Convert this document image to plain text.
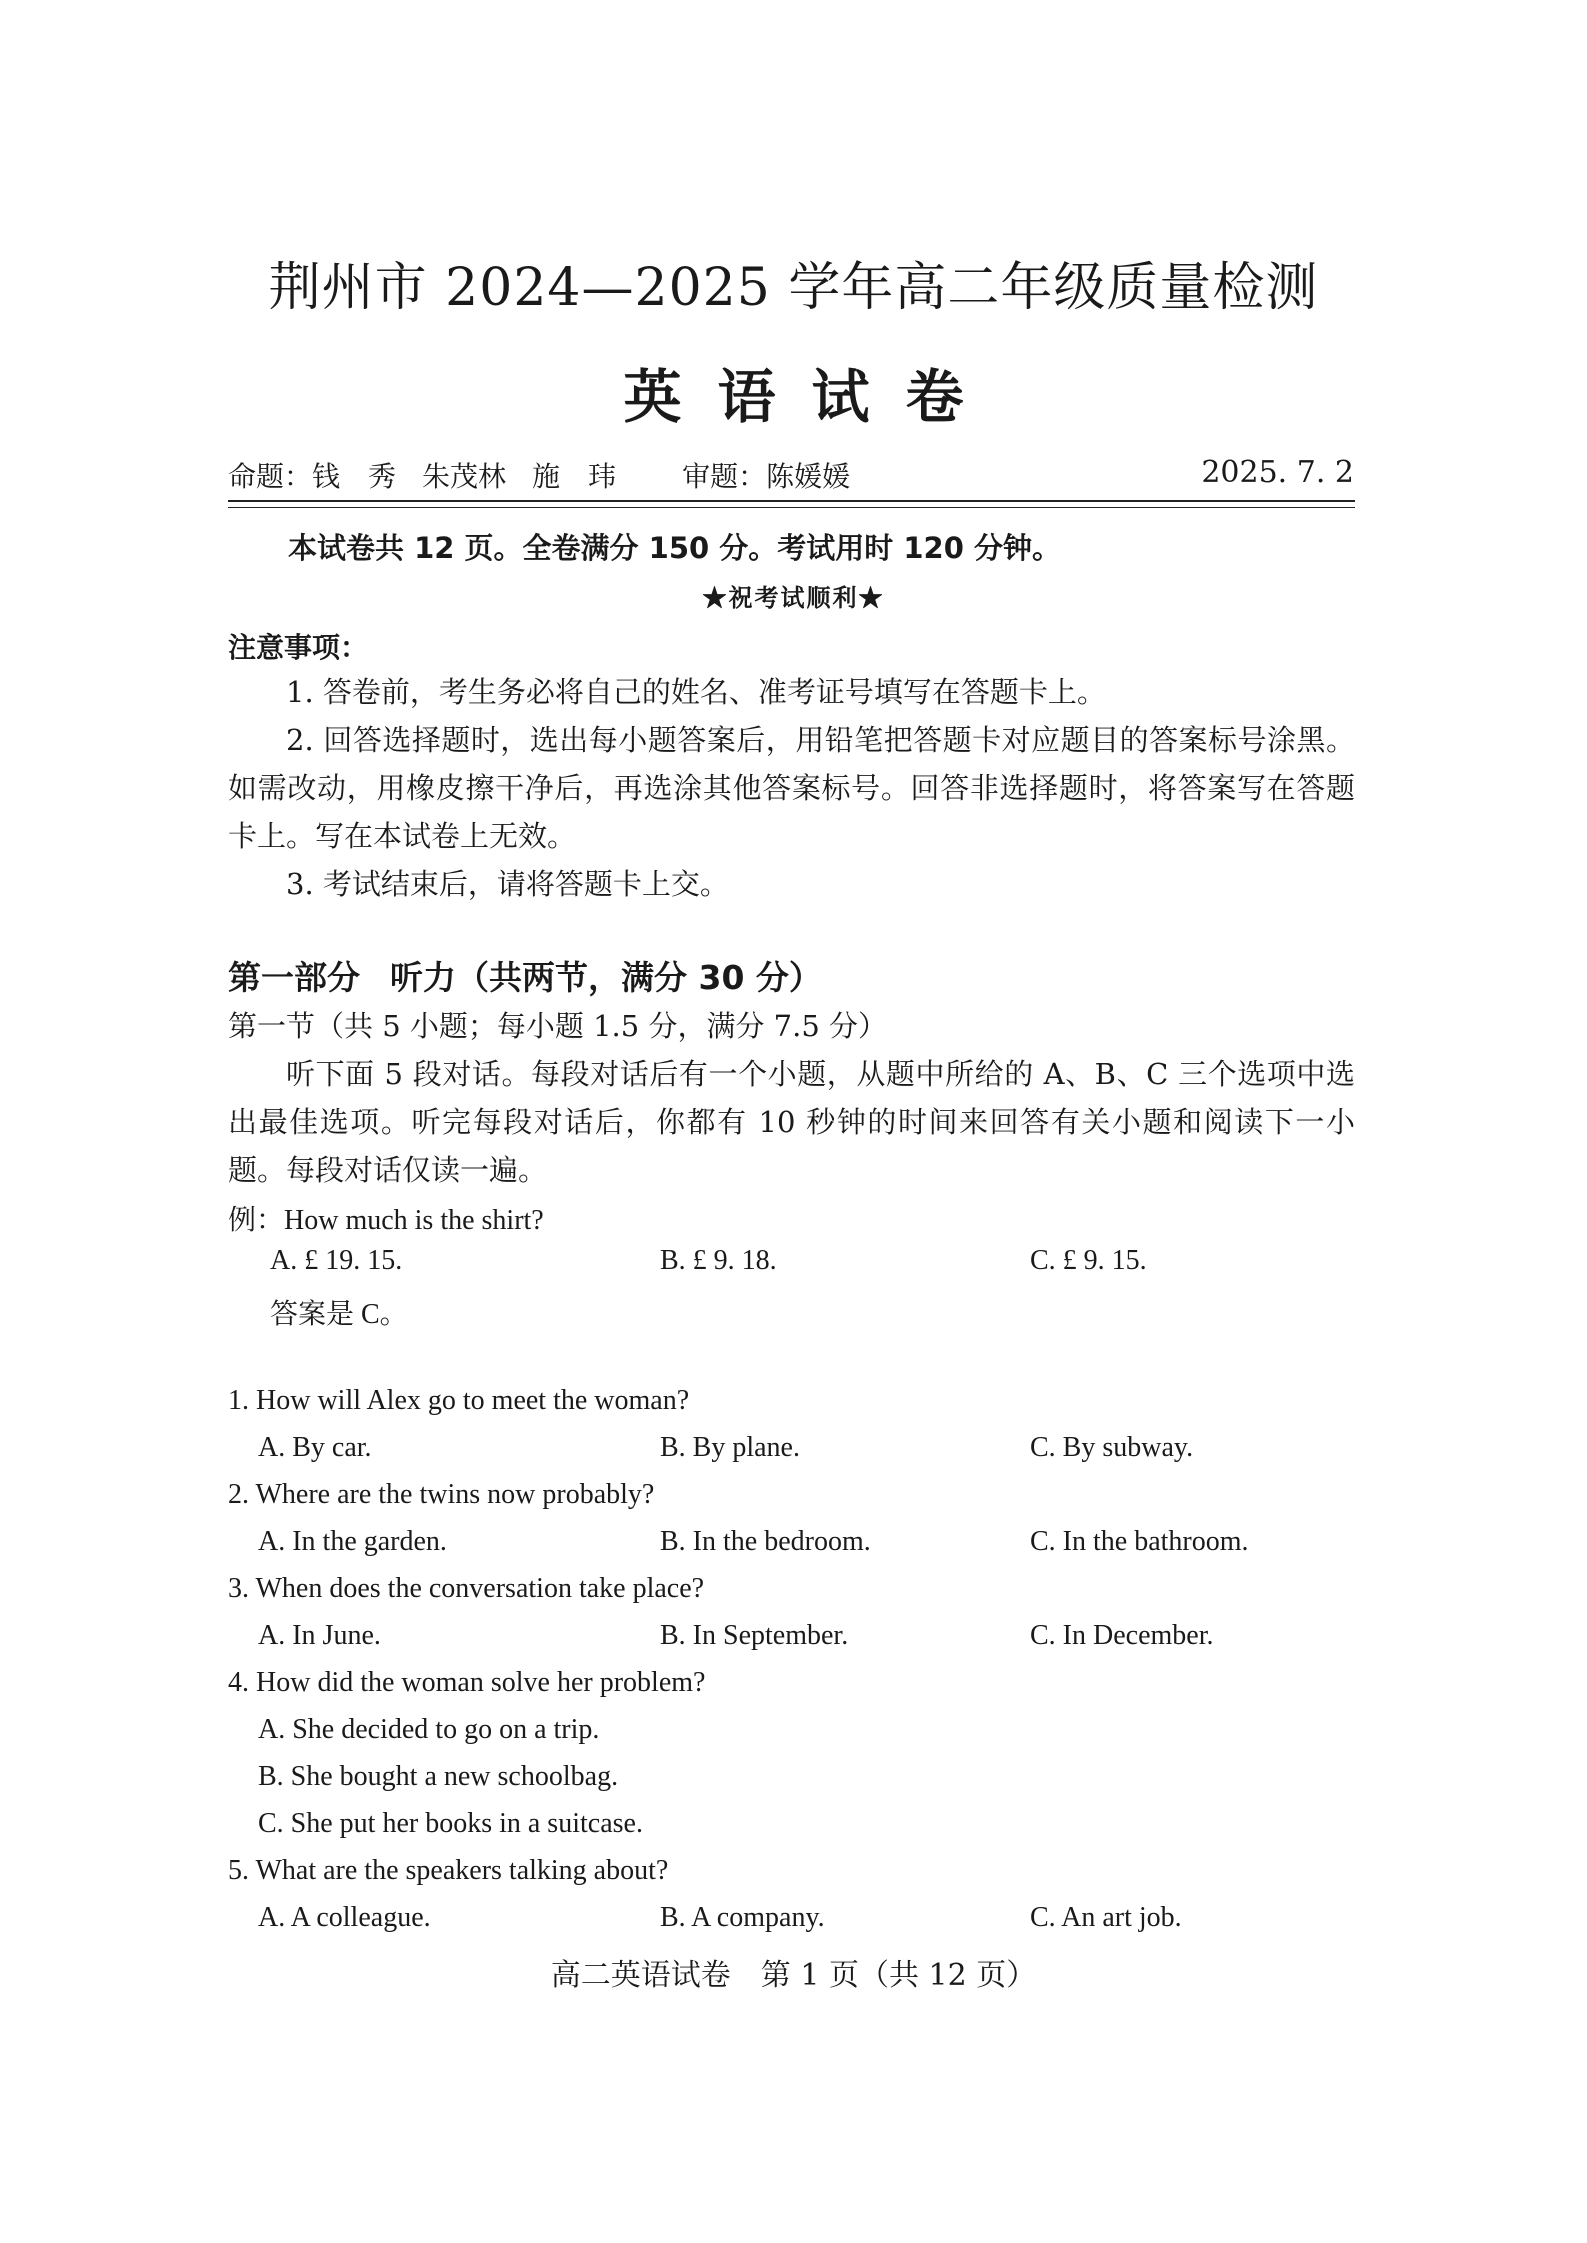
荆州市 2024—2025 学年高二年级质量检测
英语试卷
命题：钱　秀 朱茂林 施　玮 审题：陈媛媛	2025. 7. 2
本试卷共 12 页。全卷满分 150 分。考试用时 120 分钟。
★祝考试顺利★
注意事项：
1. 答卷前，考生务必将自己的姓名、准考证号填写在答题卡上。
2. 回答选择题时，选出每小题答案后，用铅笔把答题卡对应题目的答案标号涂黑。如需改动，用橡皮擦干净后，再选涂其他答案标号。回答非选择题时，将答案写在答题卡上。写在本试卷上无效。
3. 考试结束后，请将答题卡上交。
第一部分 听力（共两节，满分 30 分）
第一节（共 5 小题；每小题 1.5 分，满分 7.5 分）
听下面 5 段对话。每段对话后有一个小题，从题中所给的 A、B、C 三个选项中选出最佳选项。听完每段对话后，你都有 10 秒钟的时间来回答有关小题和阅读下一小题。每段对话仅读一遍。
例：How much is the shirt?
A. £ 19. 15.	B. £ 9. 18.	C. £ 9. 15.
答案是 C。
1. How will Alex go to meet the woman?
A. By car.	B. By plane.	C. By subway.
2. Where are the twins now probably?
A. In the garden.	B. In the bedroom.	C. In the bathroom.
3. When does the conversation take place?
A. In June.	B. In September.	C. In December.
4. How did the woman solve her problem?
A. She decided to go on a trip.
B. She bought a new schoolbag.
C. She put her books in a suitcase.
5. What are the speakers talking about?
A. A colleague.	B. A company.	C. An art job.
高二英语试卷　第 1 页（共 12 页）
